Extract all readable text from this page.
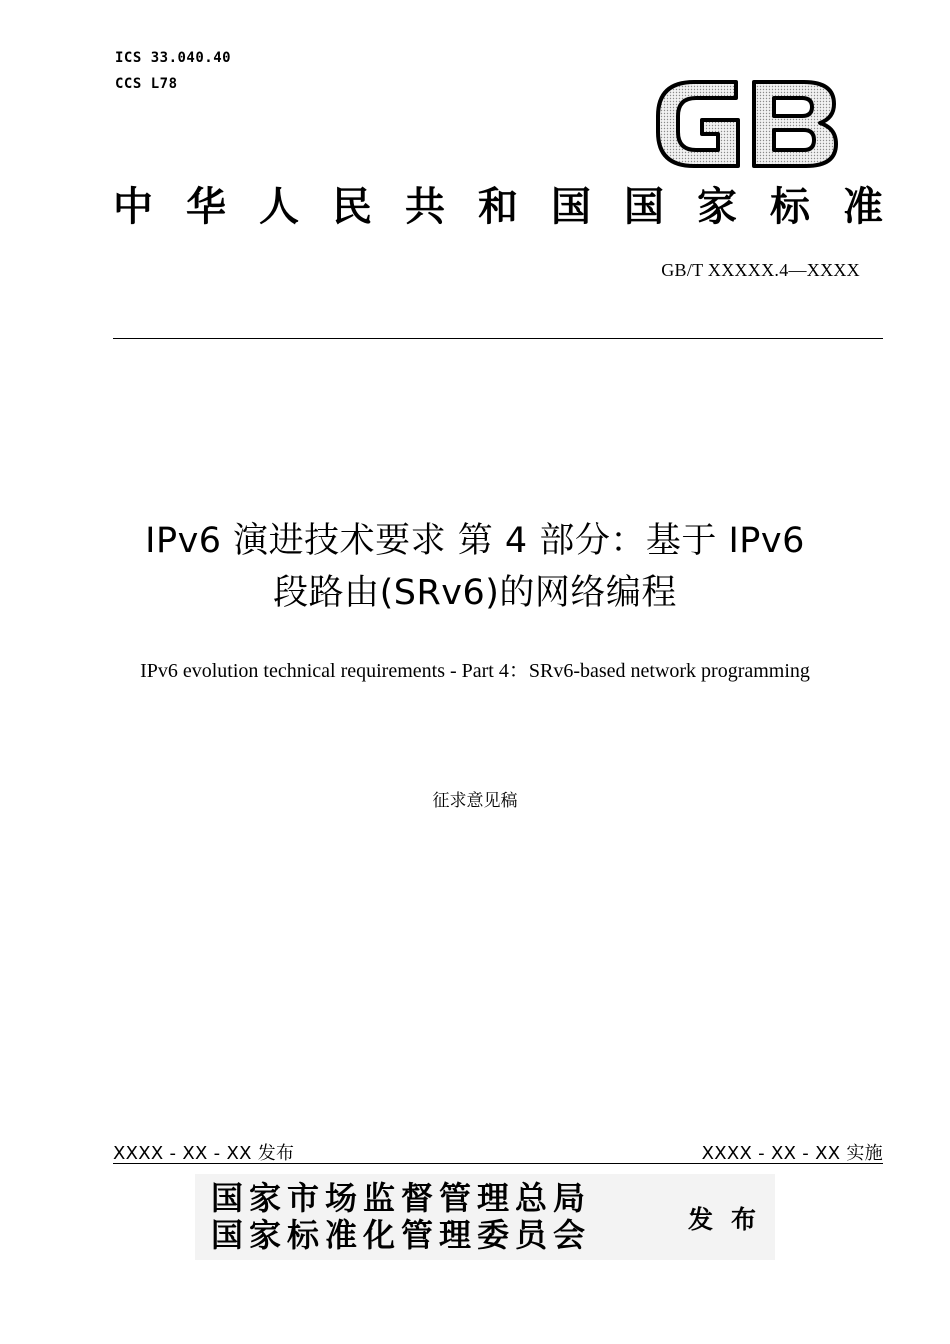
ICS 33.040.40
CCS L78
中 华 人 民 共 和 国 国 家 标 准
GB/T XXXXX.4—XXXX
IPv6 演进技术要求 第 4 部分：基于 IPv6
段路由(SRv6)的网络编程
IPv6 evolution technical requirements - Part 4：SRv6-based network programming
征求意见稿
XXXX - XX - XX 发布	XXXX - XX - XX 实施
国家市场监督管理总局
国家标准化管理委员会	发布
